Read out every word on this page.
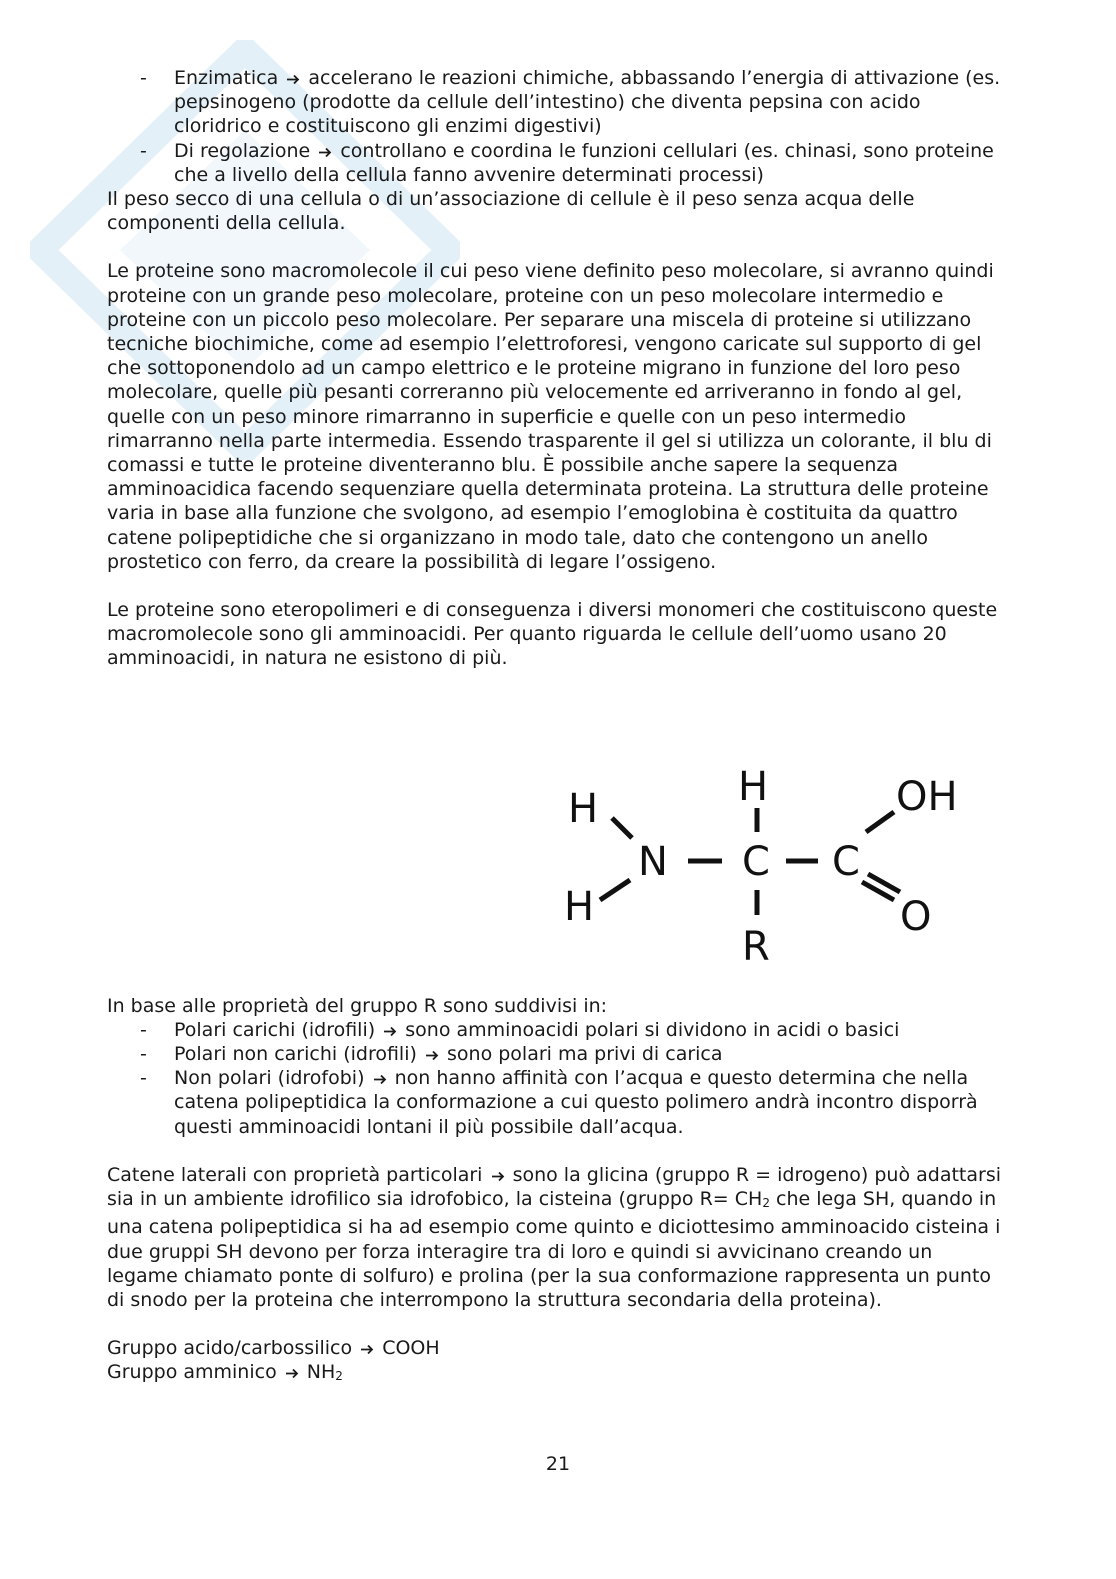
- Enzimatica accelerano le reazioni chimiche, abbassando l’energia di attivazione (es. pepsinogeno (prodotte da cellule dell’intestino) che diventa pepsina con acido cloridrico e costituiscono gli enzimi digestivi)
- Di regolazione controllano e coordina le funzioni cellulari (es. chinasi, sono proteine che a livello della cellula fanno avvenire determinati processi)

Il peso secco di una cellula o di un’associazione di cellule è il peso senza acqua delle componenti della cellula.

Le proteine sono macromolecole il cui peso viene definito peso molecolare, si avranno quindi proteine con un grande peso molecolare, proteine con un peso molecolare intermedio e proteine con un piccolo peso molecolare. Per separare una miscela di proteine si utilizzano tecniche biochimiche, come ad esempio l’elettroforesi, vengono caricate sul supporto di gel che sottoponendolo ad un campo elettrico e le proteine migrano in funzione del loro peso molecolare, quelle più pesanti correranno più velocemente ed arriveranno in fondo al gel, quelle con un peso minore rimarranno in superficie e quelle con un peso intermedio rimarranno nella parte intermedia. Essendo trasparente il gel si utilizza un colorante, il blu di comassi e tutte le proteine diventeranno blu. È possibile anche sapere la sequenza amminoacidica facendo sequenziare quella determinata proteina. La struttura delle proteine varia in base alla funzione che svolgono, ad esempio l’emoglobina è costituita da quattro catene polipeptidiche che si organizzano in modo tale, dato che contengono un anello prostetico con ferro, da creare la possibilità di legare l’ossigeno.

Le proteine sono eteropolimeri e di conseguenza i diversi monomeri che costituiscono queste macromolecole sono gli amminoacidi. Per quanto riguarda le cellule dell’uomo usano 20 amminoacidi, in natura ne esistono di più.

In base alle proprietà del gruppo R sono suddivisi in:

- Polari carichi (idrofili) sono amminoacidi polari si dividono in acidi o basici
- Polari non carichi (idrofili) sono polari ma privi di carica
- Non polari (idrofobi) non hanno affinità con l’acqua e questo determina che nella catena polipeptidica la conformazione a cui questo polimero andrà incontro disporrà questi amminoacidi lontani il più possibile dall’acqua.

Catene laterali con proprietà particolari sono la glicina (gruppo R = idrogeno) può adattarsi sia in un ambiente idrofilico sia idrofobico, la cisteina (gruppo $R= CH_2$ che lega SH, quando in una catena polipeptidica si ha ad esempio come quinto e diciottesimo amminoacido cisteina i due gruppi SH devono per forza interagire tra di loro e quindi si avvicinano creando un legame chiamato ponte di solfuro) e prolina (per la sua conformazione rappresenta un punto di snodo per la proteina che interrompono la struttura secondaria della proteina).

Gruppo acido/carbossilico COOH

Gruppo amminico $NH_2$

H	OH
H
N C C
H	O
R
21
